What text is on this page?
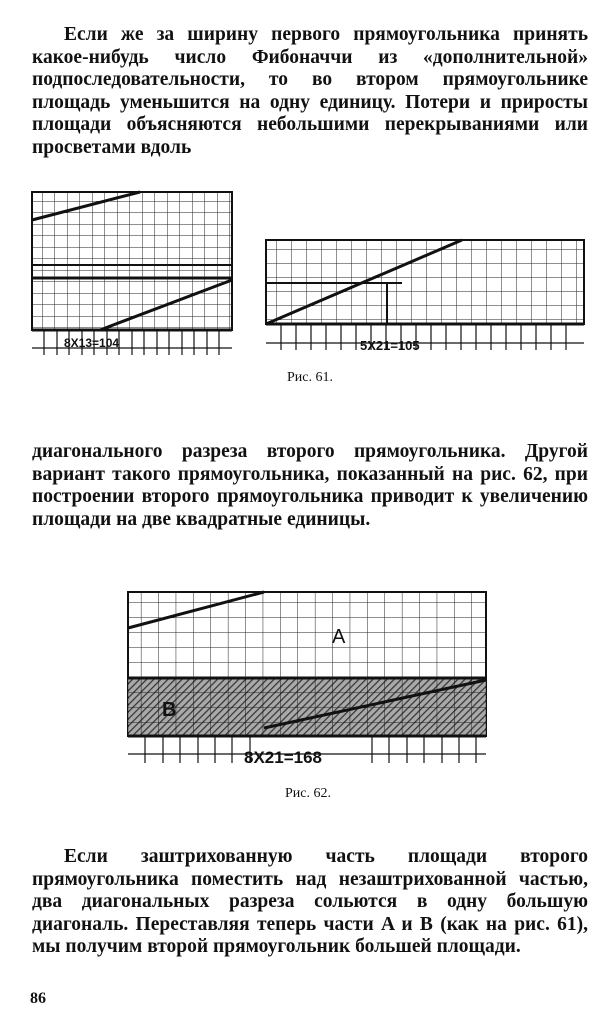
Если же за ширину первого прямоугольника принять какое-нибудь число Фибоначчи из «дополнительной» подпоследовательности, то во втором прямоугольнике площадь уменьшится на одну единицу. Потери и приросты площади объясняются небольшими перекрываниями или просветами вдоль

8X13=104	5X21=105
Рис. 61.

диагонального разреза второго прямоугольника. Другой вариант такого прямоугольника, показанный на рис. 62, при построении второго прямоугольника приводит к увеличению площади на две квадратные единицы.

A
B
8X21=168
Рис. 62.

Если заштрихованную часть площади второго прямоугольника поместить над незаштрихованной частью, два диагональных разреза сольются в одну большую диагональ. Переставляя теперь части A и B (как на рис. 61), мы получим второй прямоугольник большей площади.

86
